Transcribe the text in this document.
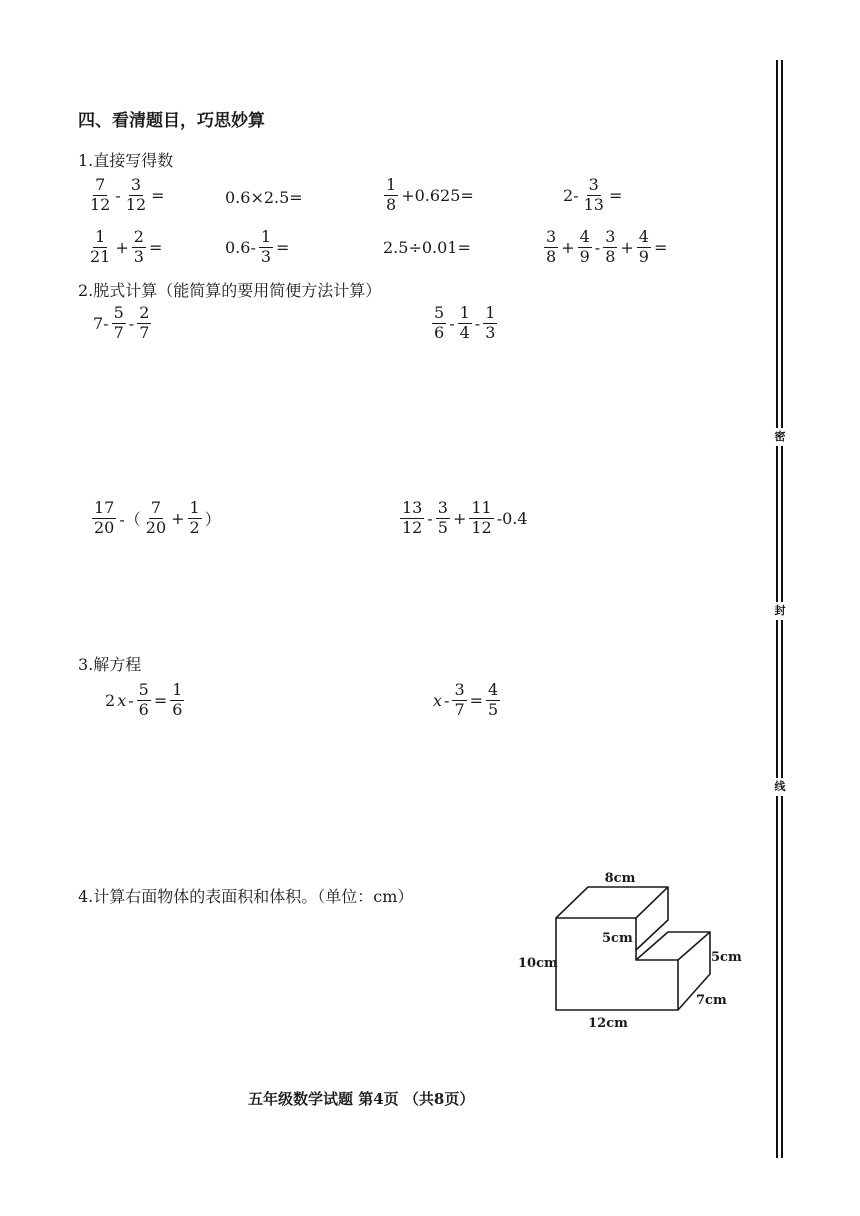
四、看清题目，巧思妙算
1.直接写得数
$\frac{7}{12} - \frac{3}{12}$ =	0.6×2.5=	$\frac{1}{8} +0.625=$	$2- \frac{3}{13}$ =
$\frac{1}{21} + \frac{2}{3}$ =	$0.6- \frac{1}{3}$ =	2.5÷0.01=	$\frac{3}{8} + \frac{4}{9} - \frac{3}{8} + \frac{4}{9}$ =
2.脱式计算（能简算的要用简便方法计算）
$7- \frac{5}{7} - \frac{2}{7}$	$\frac{5}{6} - \frac{1}{4} - \frac{1}{3}$
$\frac{17}{20}$ -（ $\frac{7}{20} + \frac{1}{2}$ ）	$\frac{13}{12} - \frac{3}{5} + \frac{11}{12} -0.4$
3.解方程
2 $x - \frac{5}{6} = \frac{1}{6}$	$x - \frac{3}{7} = \frac{4}{5}$
4.计算右面物体的表面积和体积。（单位：cm）
8cm
5cm
10cm	5cm
7cm
12cm
五年级数学试题 第4页 （共8页）
密
封
线
